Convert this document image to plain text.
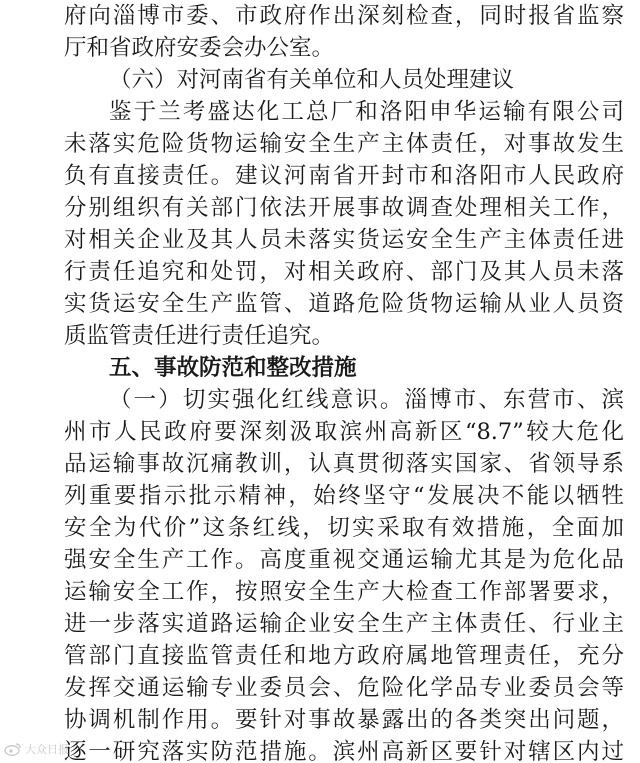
府向淄博市委、市政府作出深刻检查，同时报省监察
厅和省政府安委会办公室。
（六）对河南省有关单位和人员处理建议
鉴于兰考盛达化工总厂和洛阳申华运输有限公司
未落实危险货物运输安全生产主体责任，对事故发生
负有直接责任。建议河南省开封市和洛阳市人民政府
分别组织有关部门依法开展事故调查处理相关工作，
对相关企业及其人员未落实货运安全生产主体责任进
行责任追究和处罚，对相关政府、部门及其人员未落
实货运安全生产监管、道路危险货物运输从业人员资
质监管责任进行责任追究。
五、事故防范和整改措施
（一）切实强化红线意识。淄博市、东营市、滨
州市人民政府要深刻汲取滨州高新区“8.7”较大危化
品运输事故沉痛教训，认真贯彻落实国家、省领导系
列重要指示批示精神，始终坚守“发展决不能以牺牲
安全为代价”这条红线，切实采取有效措施，全面加
强安全生产工作。高度重视交通运输尤其是为危化品
运输安全工作，按照安全生产大检查工作部署要求，
进一步落实道路运输企业安全生产主体责任、行业主
管部门直接监管责任和地方政府属地管理责任，充分
发挥交通运输专业委员会、危险化学品专业委员会等
协调机制作用。要针对事故暴露出的各类突出问题，
逐一研究落实防范措施。滨州高新区要针对辖区内过
大众日报
